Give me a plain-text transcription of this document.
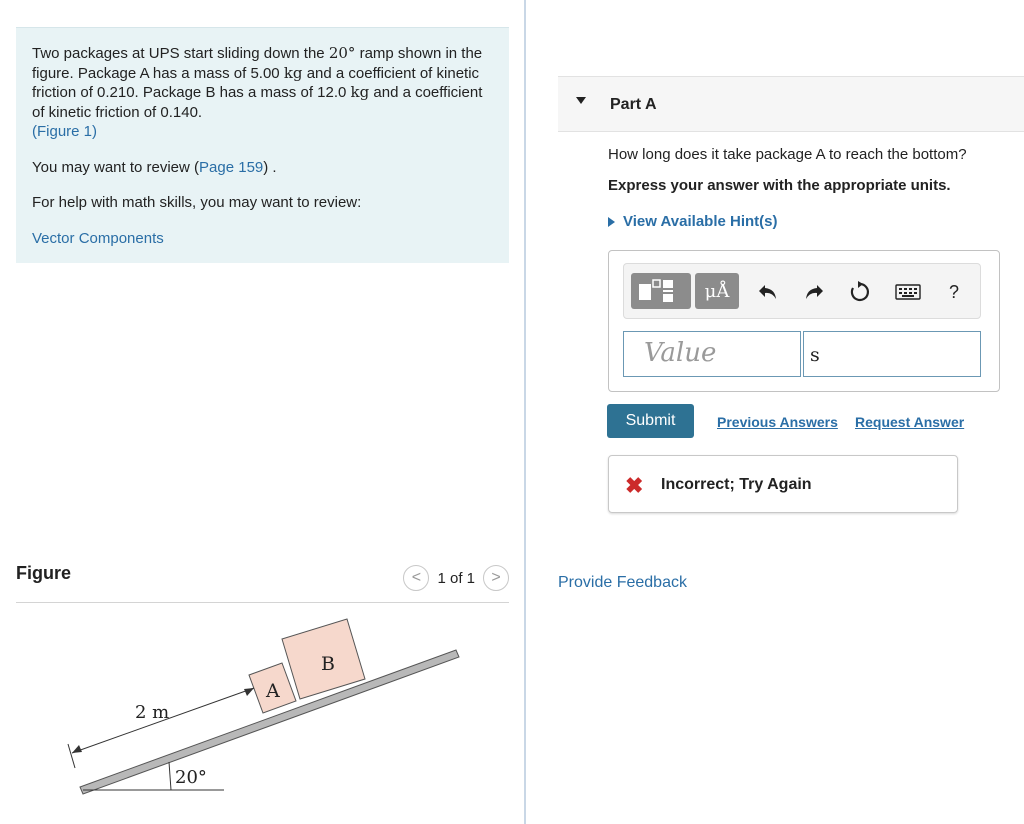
Two packages at UPS start sliding down the 20° ramp shown in the figure. Package A has a mass of 5.00 kg and a coefficient of kinetic friction of 0.210. Package B has a mass of 12.0 kg and a coefficient of kinetic friction of 0.140.

(Figure 1)

You may want to review (Page 159) .

For help with math skills, you may want to review:

Vector Components

Figure	< 1 of 1 >
B
A
2 m
20°
Part A
How long does it take package A to reach the bottom?
Express your answer with the appropriate units.
View Available Hint(s)
μÅ	?
Value	s
Submit	Previous Answers Request Answer
✖ Incorrect; Try Again
Provide Feedback
